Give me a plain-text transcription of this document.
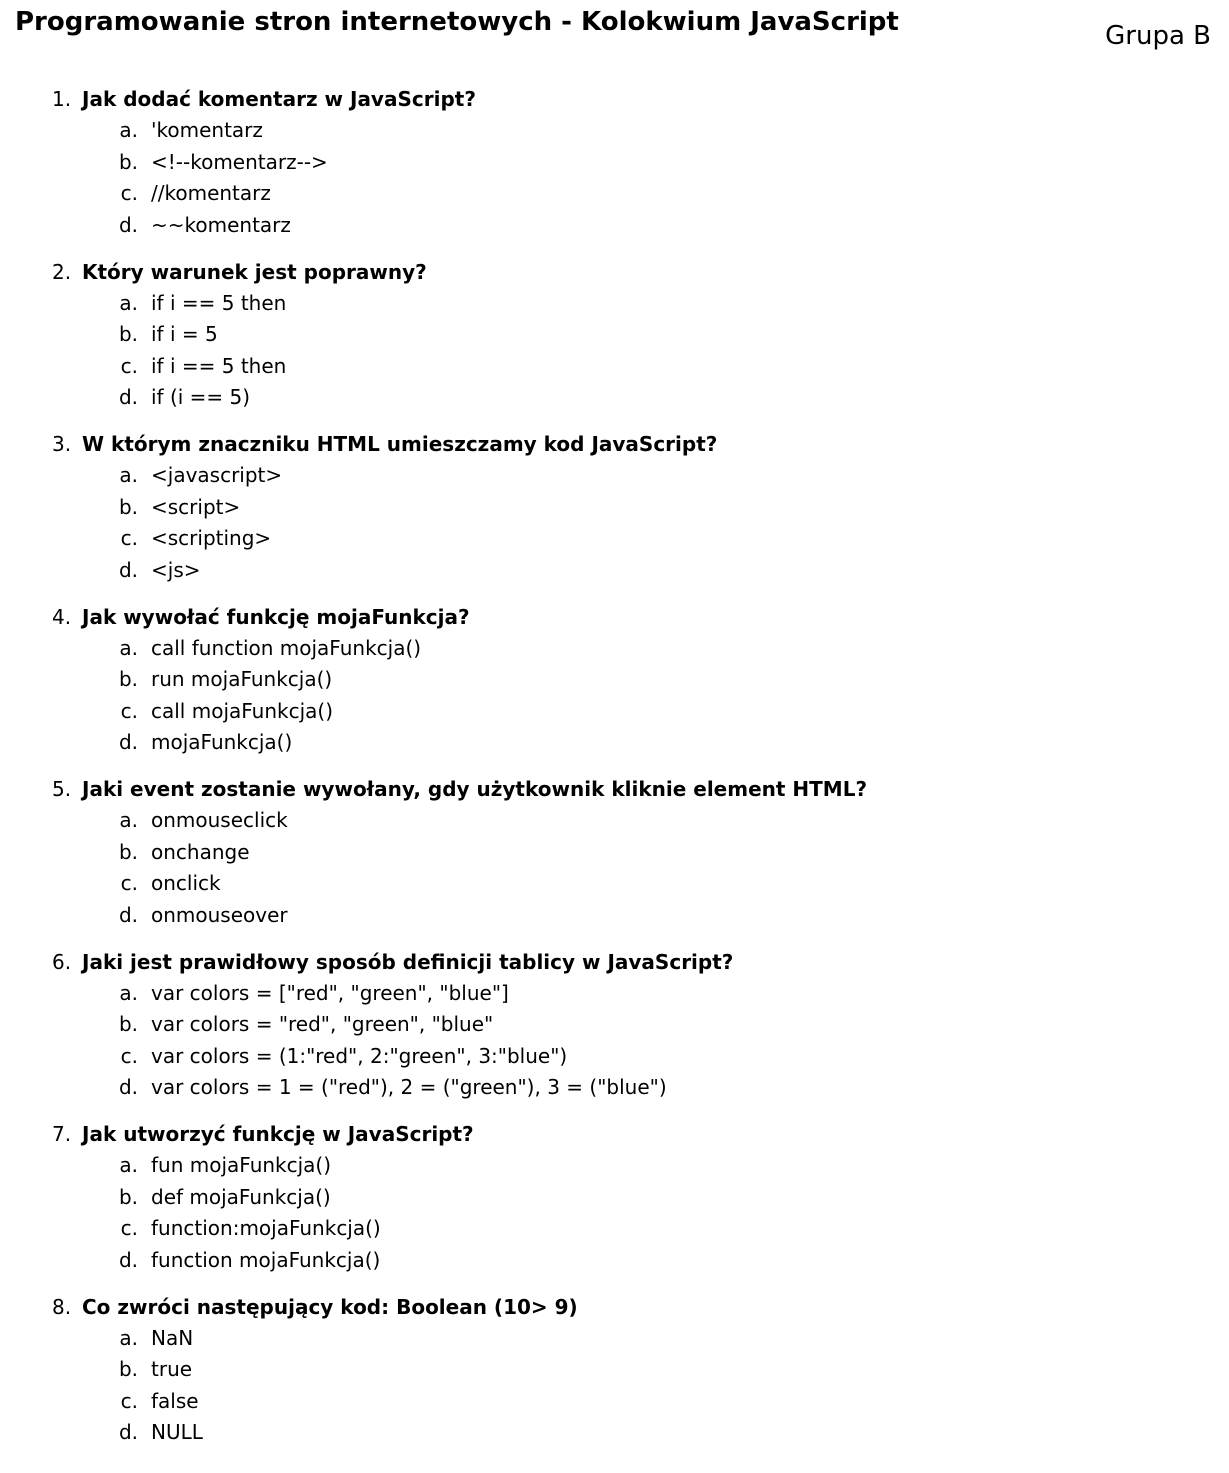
Programowanie stron internetowych - Kolokwium JavaScript	Grupa B
1. Jak dodać komentarz w JavaScript?
a. 'komentarz
b. <!--komentarz-->
c. //komentarz
d. ~~komentarz
2. Który warunek jest poprawny?
a. if i == 5 then
b. if i = 5
c. if i == 5 then
d. if (i == 5)
3. W którym znaczniku HTML umieszczamy kod JavaScript?
a. <javascript>
b. <script>
c. <scripting>
d. <js>
4. Jak wywołać funkcję mojaFunkcja?
a. call function mojaFunkcja()
b. run mojaFunkcja()
c. call mojaFunkcja()
d. mojaFunkcja()
5. Jaki event zostanie wywołany, gdy użytkownik kliknie element HTML?
a. onmouseclick
b. onchange
c. onclick
d. onmouseover
6. Jaki jest prawidłowy sposób definicji tablicy w JavaScript?
a. var colors = ["red", "green", "blue"]
b. var colors = "red", "green", "blue"
c. var colors = (1:"red", 2:"green", 3:"blue")
d. var colors = 1 = ("red"), 2 = ("green"), 3 = ("blue")
7. Jak utworzyć funkcję w JavaScript?
a. fun mojaFunkcja()
b. def mojaFunkcja()
c. function:mojaFunkcja()
d. function mojaFunkcja()
8. Co zwróci następujący kod: Boolean (10> 9)
a. NaN
b. true
c. false
d. NULL
